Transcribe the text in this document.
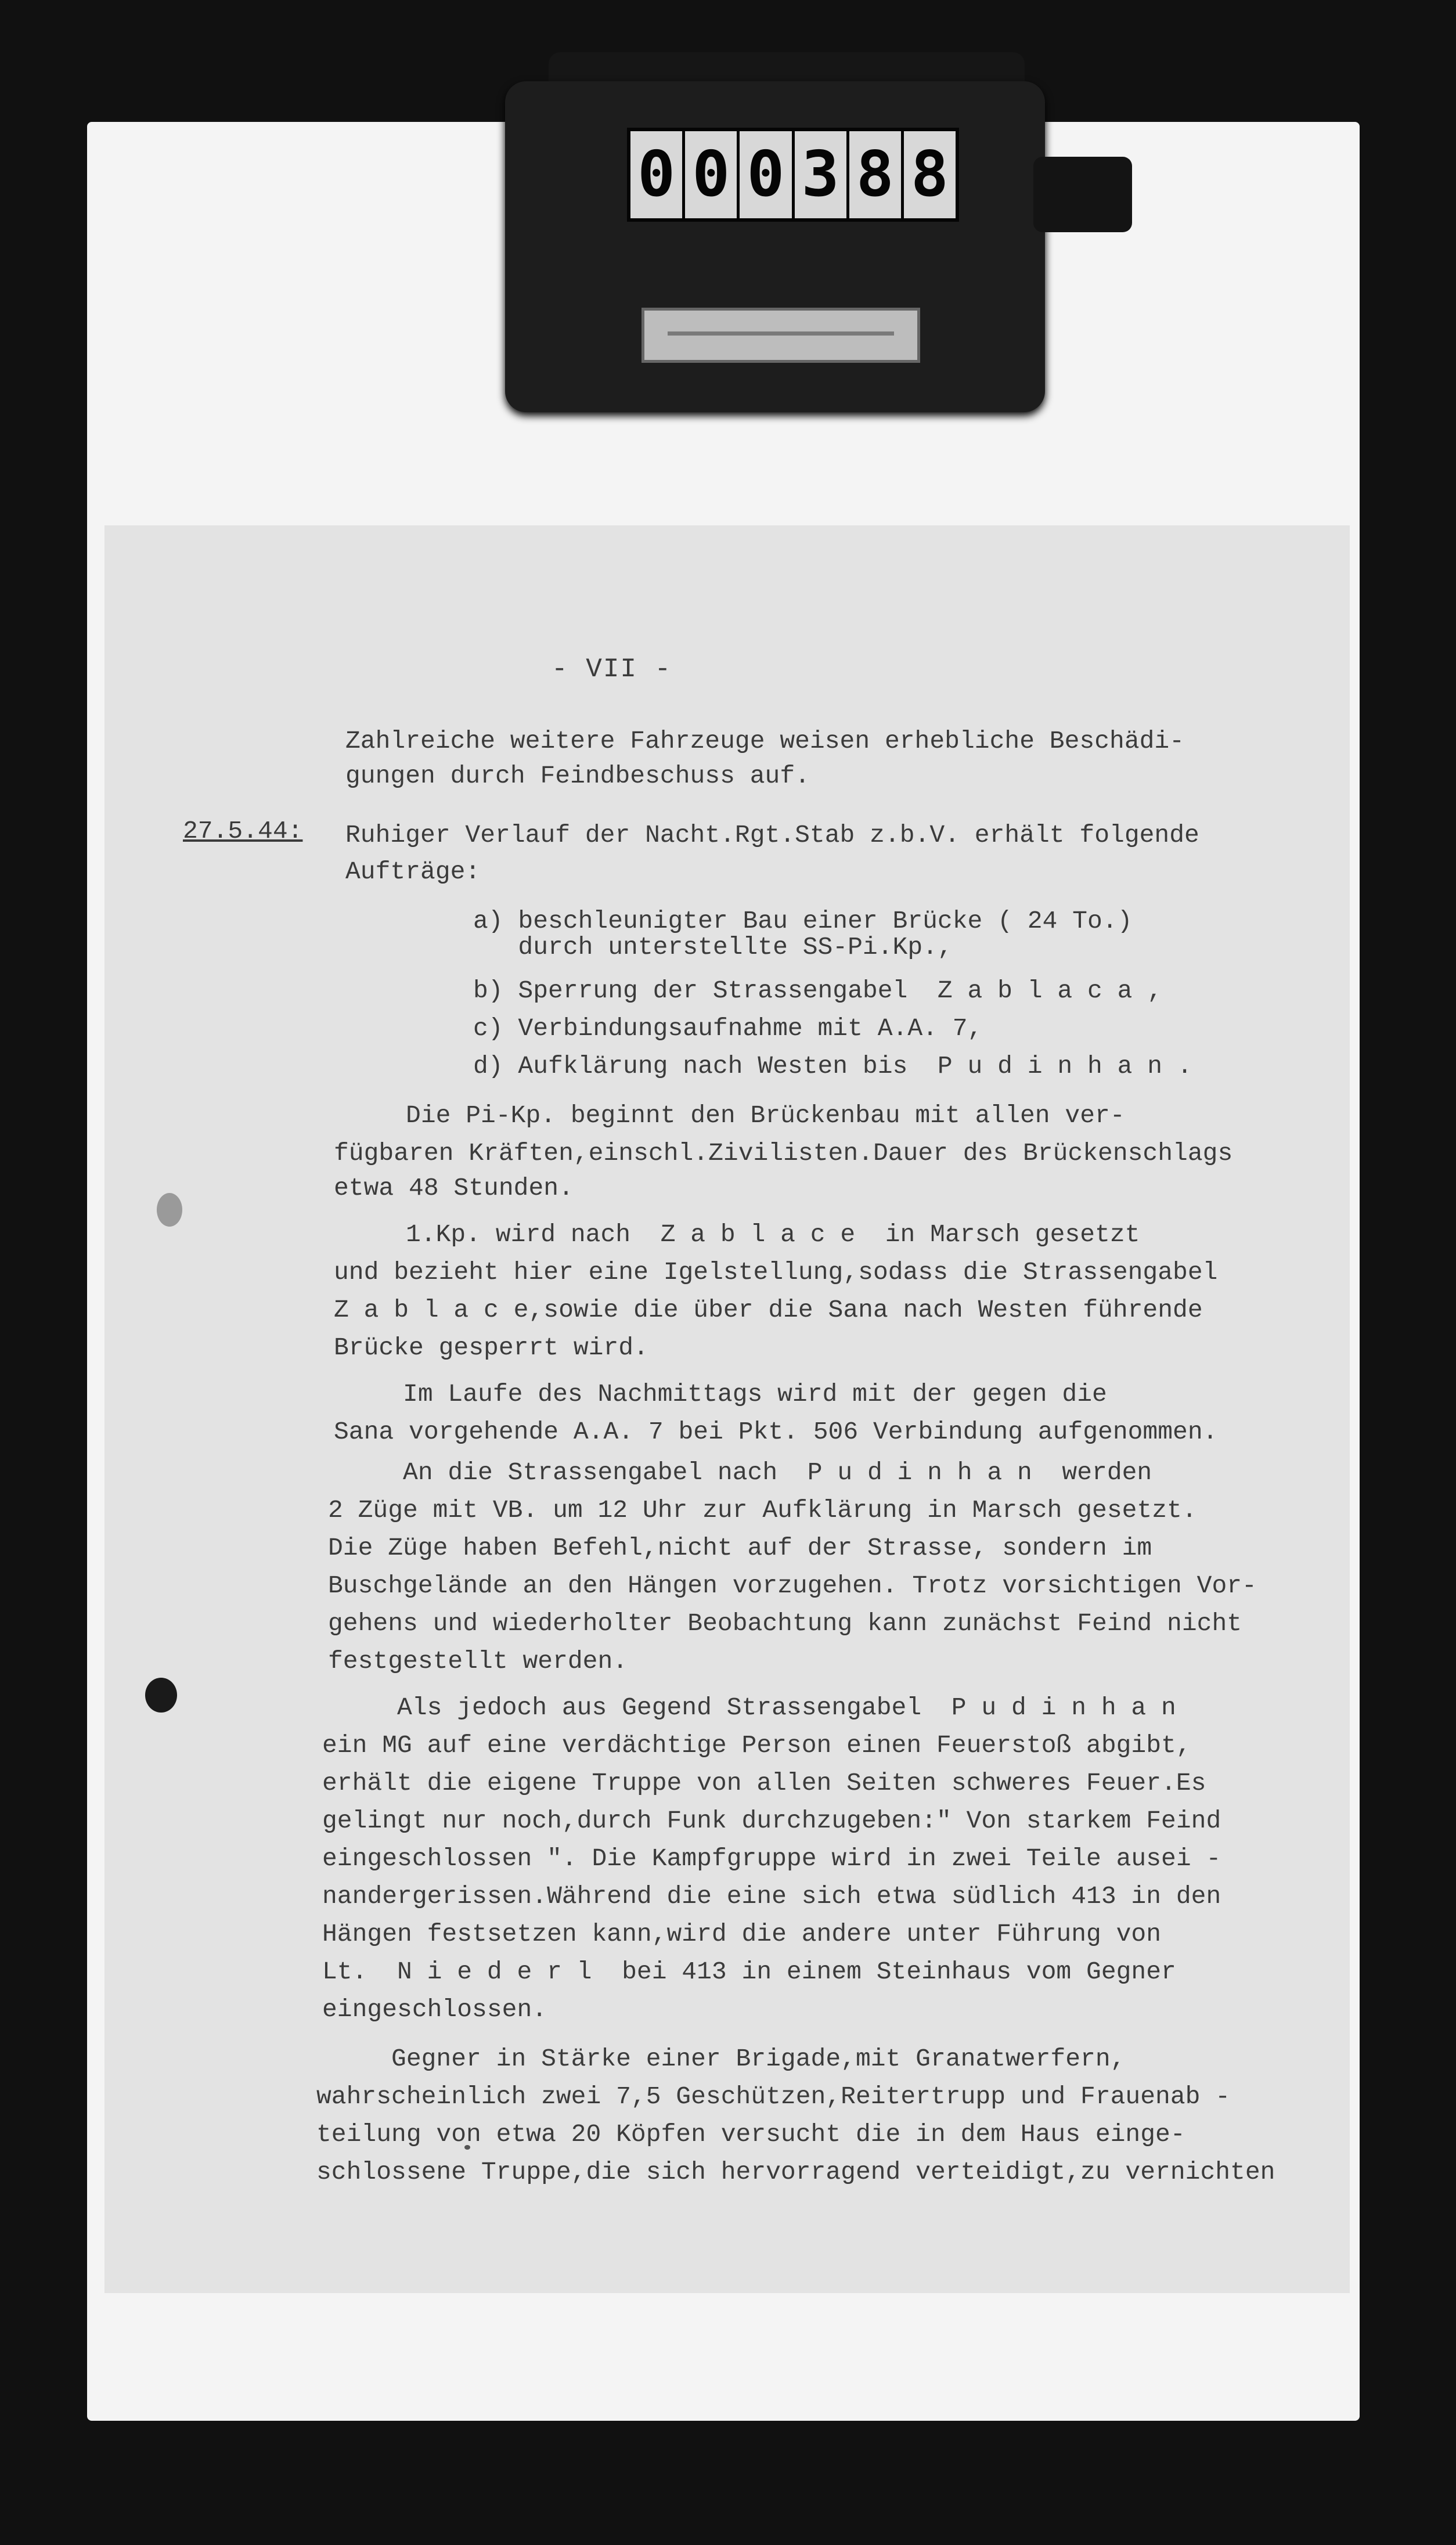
0 0 0 3 8 8
- VII -
Zahlreiche weitere Fahrzeuge weisen erhebliche Beschädi-
gungen durch Feindbeschuss auf.
27.5.44: Ruhiger Verlauf der Nacht.Rgt.Stab z.b.V. erhält folgende
Aufträge:
a) beschleunigter Bau einer Brücke ( 24 To.)
durch unterstellte SS-Pi.Kp.,
b) Sperrung der Strassengabel  Z a b l a c a ,
c) Verbindungsaufnahme mit A.A. 7,
d) Aufklärung nach Westen bis  P u d i n h a n .
Die Pi-Kp. beginnt den Brückenbau mit allen ver-
fügbaren Kräften,einschl.Zivilisten.Dauer des Brückenschlags
etwa 48 Stunden.
1.Kp. wird nach  Z a b l a c e  in Marsch gesetzt
und bezieht hier eine Igelstellung,sodass die Strassengabel
Z a b l a c e,sowie die über die Sana nach Westen führende
Brücke gesperrt wird.
Im Laufe des Nachmittags wird mit der gegen die
Sana vorgehende A.A. 7 bei Pkt. 506 Verbindung aufgenommen.
An die Strassengabel nach  P u d i n h a n  werden
2 Züge mit VB. um 12 Uhr zur Aufklärung in Marsch gesetzt.
Die Züge haben Befehl,nicht auf der Strasse, sondern im
Buschgelände an den Hängen vorzugehen. Trotz vorsichtigen Vor-
gehens und wiederholter Beobachtung kann zunächst Feind nicht
festgestellt werden.
Als jedoch aus Gegend Strassengabel  P u d i n h a n
ein MG auf eine verdächtige Person einen Feuerstoß abgibt,
erhält die eigene Truppe von allen Seiten schweres Feuer.Es
gelingt nur noch,durch Funk durchzugeben:" Von starkem Feind
eingeschlossen ". Die Kampfgruppe wird in zwei Teile ausei -
nandergerissen.Während die eine sich etwa südlich 413 in den
Hängen festsetzen kann,wird die andere unter Führung von
Lt.  N i e d e r l  bei 413 in einem Steinhaus vom Gegner
eingeschlossen.
Gegner in Stärke einer Brigade,mit Granatwerfern,
wahrscheinlich zwei 7,5 Geschützen,Reitertrupp und Frauenab -
teilung von etwa 20 Köpfen versucht die in dem Haus einge-
schlossene Truppe,die sich hervorragend verteidigt,zu vernichten
